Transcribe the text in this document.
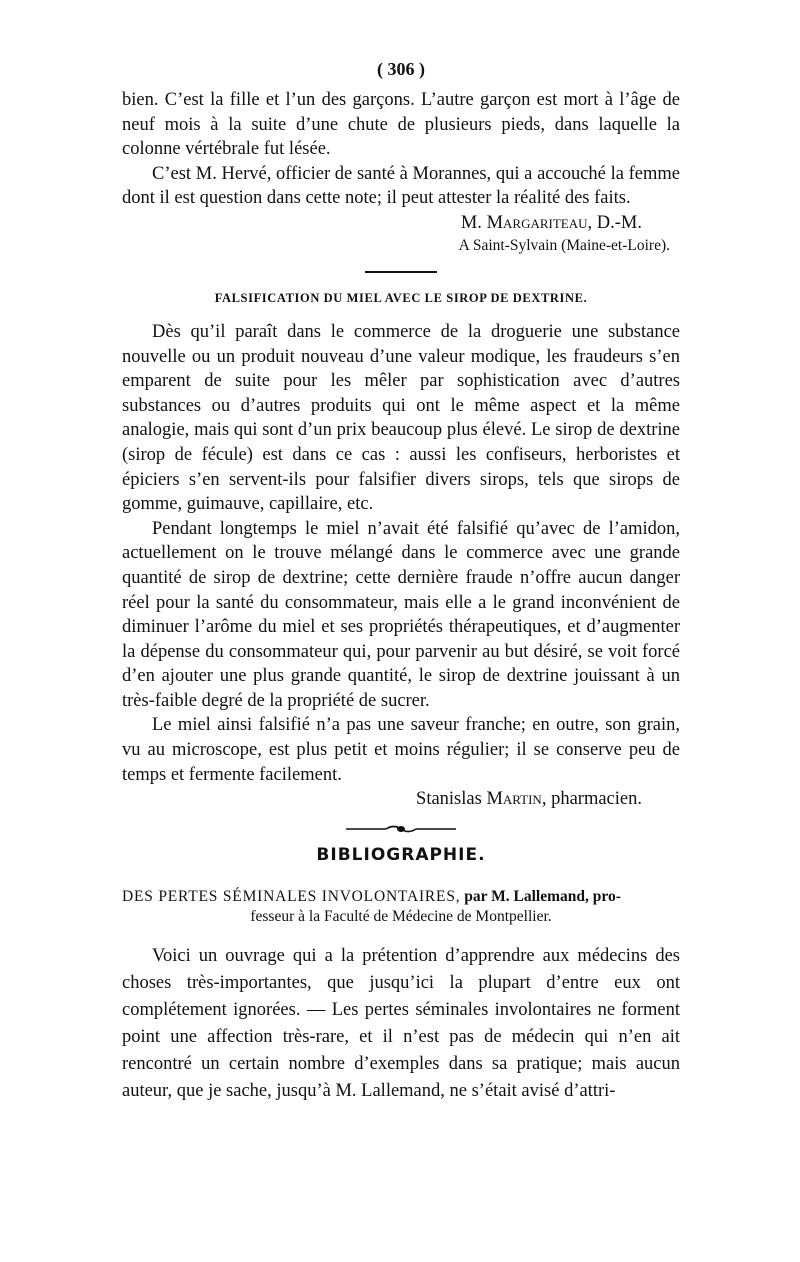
( 306 )

bien. C’est la fille et l’un des garçons. L’autre garçon est mort à l’âge de neuf mois à la suite d’une chute de plusieurs pieds, dans laquelle la colonne vértébrale fut lésée.

C’est M. Hervé, officier de santé à Morannes, qui a accouché la femme dont il est question dans cette note; il peut attester la réalité des faits.

M. Margariteau, D.-M.
A Saint-Sylvain (Maine-et-Loire).
FALSIFICATION DU MIEL AVEC LE SIROP DE DEXTRINE.

Dès qu’il paraît dans le commerce de la droguerie une substance nouvelle ou un produit nouveau d’une valeur modique, les fraudeurs s’en emparent de suite pour les mêler par sophistication avec d’autres substances ou d’autres produits qui ont le même aspect et la même analogie, mais qui sont d’un prix beaucoup plus élevé. Le sirop de dextrine (sirop de fécule) est dans ce cas : aussi les confiseurs, herboristes et épiciers s’en servent-ils pour falsifier divers sirops, tels que sirops de gomme, guimauve, capillaire, etc.

Pendant longtemps le miel n’avait été falsifié qu’avec de l’amidon, actuellement on le trouve mélangé dans le commerce avec une grande quantité de sirop de dextrine; cette dernière fraude n’offre aucun danger réel pour la santé du consommateur, mais elle a le grand inconvénient de diminuer l’arôme du miel et ses propriétés thérapeutiques, et d’augmenter la dépense du consommateur qui, pour parvenir au but désiré, se voit forcé d’en ajouter une plus grande quantité, le sirop de dextrine jouissant à un très-faible degré de la propriété de sucrer.

Le miel ainsi falsifié n’a pas une saveur franche; en outre, son grain, vu au microscope, est plus petit et moins régulier; il se conserve peu de temps et fermente facilement.

Stanislas Martin, pharmacien.
BIBLIOGRAPHIE.
DES PERTES SÉMINALES INVOLONTAIRES, par M. Lallemand, pro-
fesseur à la Faculté de Médecine de Montpellier.

Voici un ouvrage qui a la prétention d’apprendre aux médecins des choses très-importantes, que jusqu’ici la plupart d’entre eux ont complétement ignorées. — Les pertes séminales involontaires ne forment point une affection très-rare, et il n’est pas de médecin qui n’en ait rencontré un certain nombre d’exemples dans sa pratique; mais aucun auteur, que je sache, jusqu’à M. Lallemand, ne s’était avisé d’attri-
